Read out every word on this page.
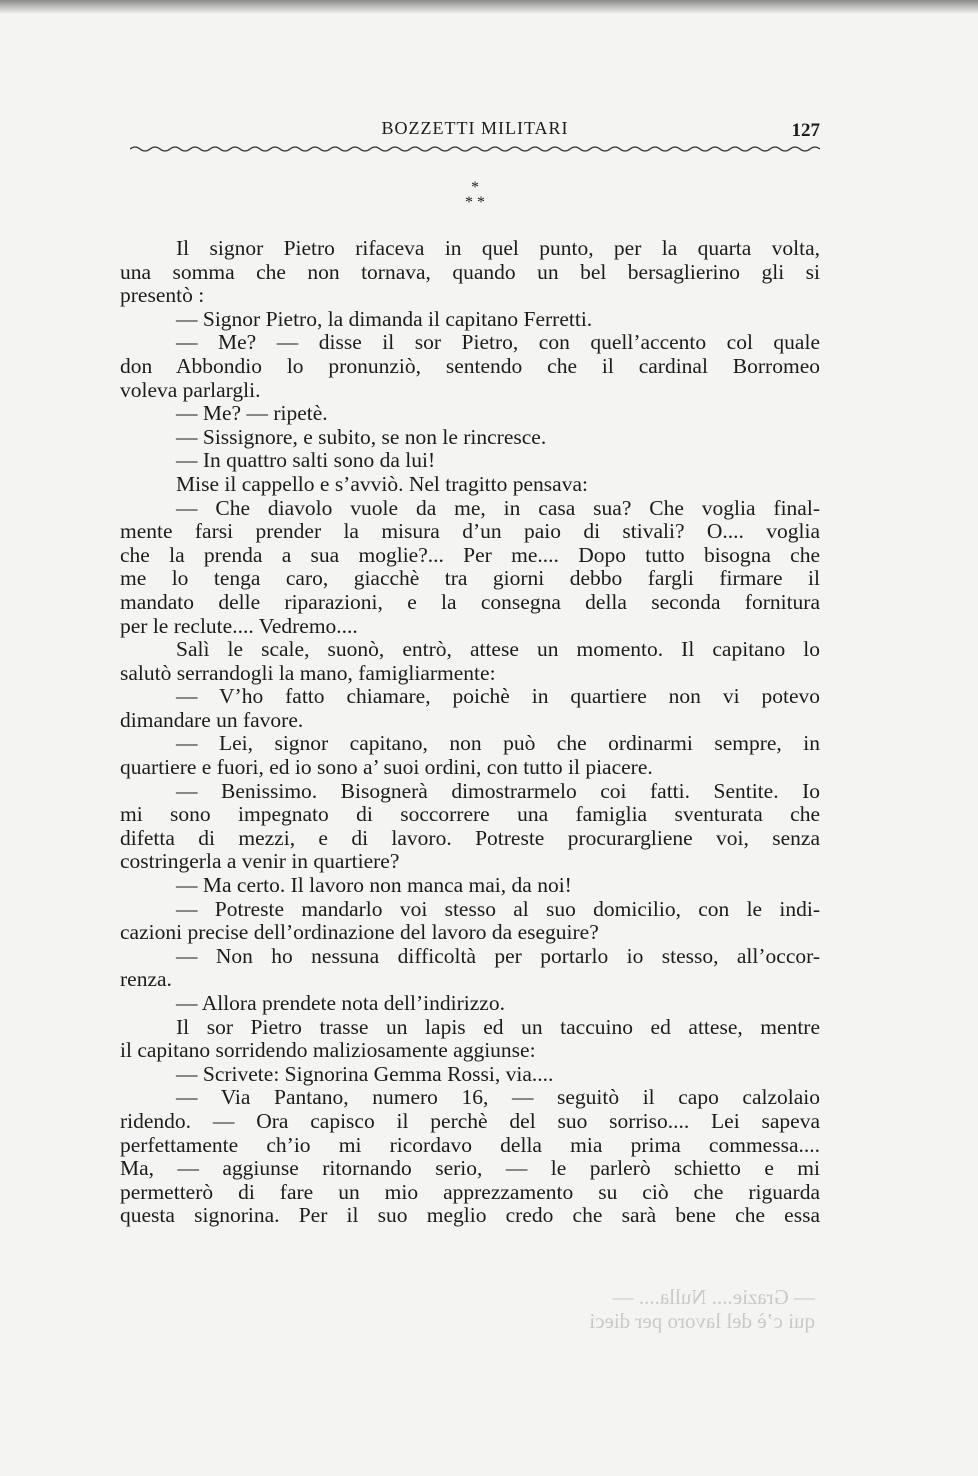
BOZZETTI MILITARI	127
*
* *
Il signor Pietro rifaceva in quel punto, per la quarta volta,
una somma che non tornava, quando un bel bersaglierino gli si
presentò :
— Signor Pietro, la dimanda il capitano Ferretti.
— Me? — disse il sor Pietro, con quell’accento col quale
don Abbondio lo pronunziò, sentendo che il cardinal Borromeo
voleva parlargli.
— Me? — ripetè.
— Sissignore, e subito, se non le rincresce.
— In quattro salti sono da lui!
Mise il cappello e s’avviò. Nel tragitto pensava:
— Che diavolo vuole da me, in casa sua? Che voglia final-
mente farsi prender la misura d’un paio di stivali? O.... voglia
che la prenda a sua moglie?... Per me.... Dopo tutto bisogna che
me lo tenga caro, giacchè tra giorni debbo fargli firmare il
mandato delle riparazioni, e la consegna della seconda fornitura
per le reclute.... Vedremo....
Salì le scale, suonò, entrò, attese un momento. Il capitano lo
salutò serrandogli la mano, famigliarmente:
— V’ho fatto chiamare, poichè in quartiere non vi potevo
dimandare un favore.
— Lei, signor capitano, non può che ordinarmi sempre, in
quartiere e fuori, ed io sono a’ suoi ordini, con tutto il piacere.
— Benissimo. Bisognerà dimostrarmelo coi fatti. Sentite. Io
mi sono impegnato di soccorrere una famiglia sventurata che
difetta di mezzi, e di lavoro. Potreste procurargliene voi, senza
costringerla a venir in quartiere?
— Ma certo. Il lavoro non manca mai, da noi!
— Potreste mandarlo voi stesso al suo domicilio, con le indi-
cazioni precise dell’ordinazione del lavoro da eseguire?
— Non ho nessuna difficoltà per portarlo io stesso, all’occor-
renza.
— Allora prendete nota dell’indirizzo.
Il sor Pietro trasse un lapis ed un taccuino ed attese, mentre
il capitano sorridendo maliziosamente aggiunse:
— Scrivete: Signorina Gemma Rossi, via....
— Via Pantano, numero 16, — seguitò il capo calzolaio
ridendo. — Ora capisco il perchè del suo sorriso.... Lei sapeva
perfettamente ch’io mi ricordavo della mia prima commessa....
Ma, — aggiunse ritornando serio, — le parlerò schietto e mi
permetterò di fare un mio apprezzamento su ciò che riguarda
questa signorina. Per il suo meglio credo che sarà bene che essa
— Grazie.... Nulla.... —
qui c’è del lavoro per dieci
